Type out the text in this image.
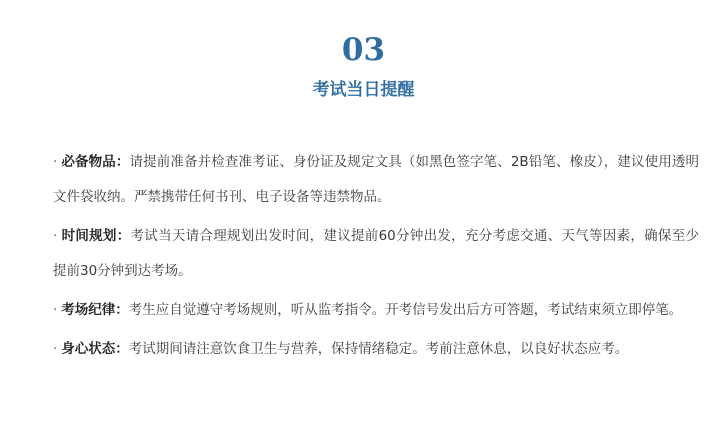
03
考试当日提醒

· 必备物品：请提前准备并检查准考证、身份证及规定文具（如黑色签字笔、2B铅笔、橡皮），建议使用透明文件袋收纳。严禁携带任何书刊、电子设备等违禁物品。

· 时间规划：考试当天请合理规划出发时间，建议提前60分钟出发，充分考虑交通、天气等因素，确保至少提前30分钟到达考场。

· 考场纪律：考生应自觉遵守考场规则，听从监考指令。开考信号发出后方可答题，考试结束须立即停笔。

· 身心状态：考试期间请注意饮食卫生与营养，保持情绪稳定。考前注意休息，以良好状态应考。
